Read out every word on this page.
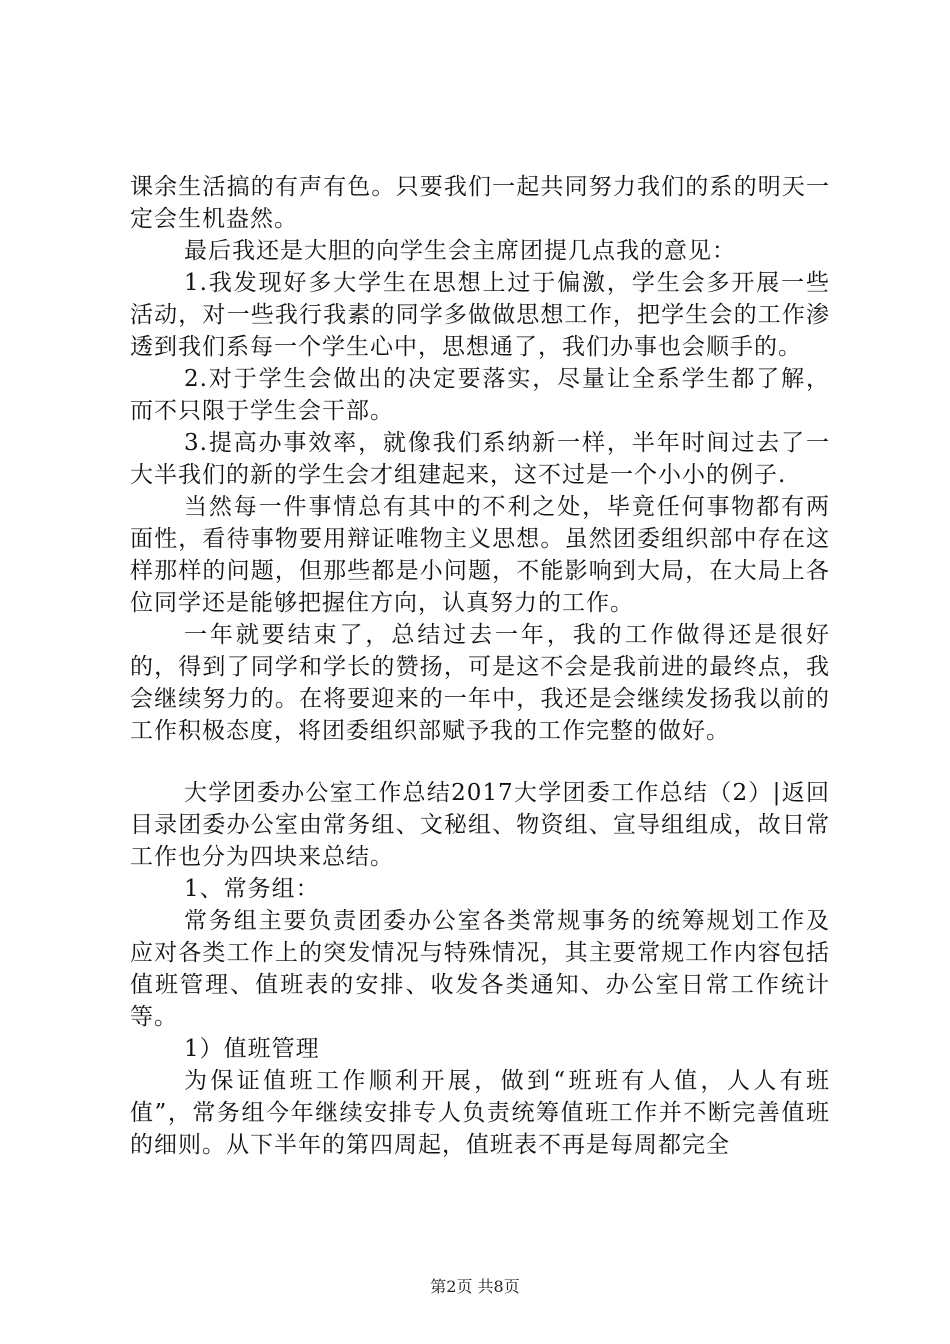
课余生活搞的有声有色。只要我们一起共同努力我们的系的明天一定会生机盎然。

最后我还是大胆的向学生会主席团提几点我的意见：

1.我发现好多大学生在思想上过于偏激，学生会多开展一些活动，对一些我行我素的同学多做做思想工作，把学生会的工作渗透到我们系每一个学生心中，思想通了，我们办事也会顺手的。

2.对于学生会做出的决定要落实，尽量让全系学生都了解，而不只限于学生会干部。

3.提高办事效率，就像我们系纳新一样，半年时间过去了一大半我们的新的学生会才组建起来，这不过是一个小小的例子.

当然每一件事情总有其中的不利之处，毕竟任何事物都有两面性，看待事物要用辩证唯物主义思想。虽然团委组织部中存在这样那样的问题，但那些都是小问题，不能影响到大局，在大局上各位同学还是能够把握住方向，认真努力的工作。

一年就要结束了，总结过去一年，我的工作做得还是很好的，得到了同学和学长的赞扬，可是这不会是我前进的最终点，我会继续努力的。在将要迎来的一年中，我还是会继续发扬我以前的工作积极态度，将团委组织部赋予我的工作完整的做好。

大学团委办公室工作总结2017大学团委工作总结（2）|返回目录团委办公室由常务组、文秘组、物资组、宣导组组成，故日常工作也分为四块来总结。

1、常务组：

常务组主要负责团委办公室各类常规事务的统筹规划工作及应对各类工作上的突发情况与特殊情况，其主要常规工作内容包括值班管理、值班表的安排、收发各类通知、办公室日常工作统计等。

1）值班管理

为保证值班工作顺利开展，做到“班班有人值，人人有班值”，常务组今年继续安排专人负责统筹值班工作并不断完善值班的细则。从下半年的第四周起，值班表不再是每周都完全

第2页 共8页
